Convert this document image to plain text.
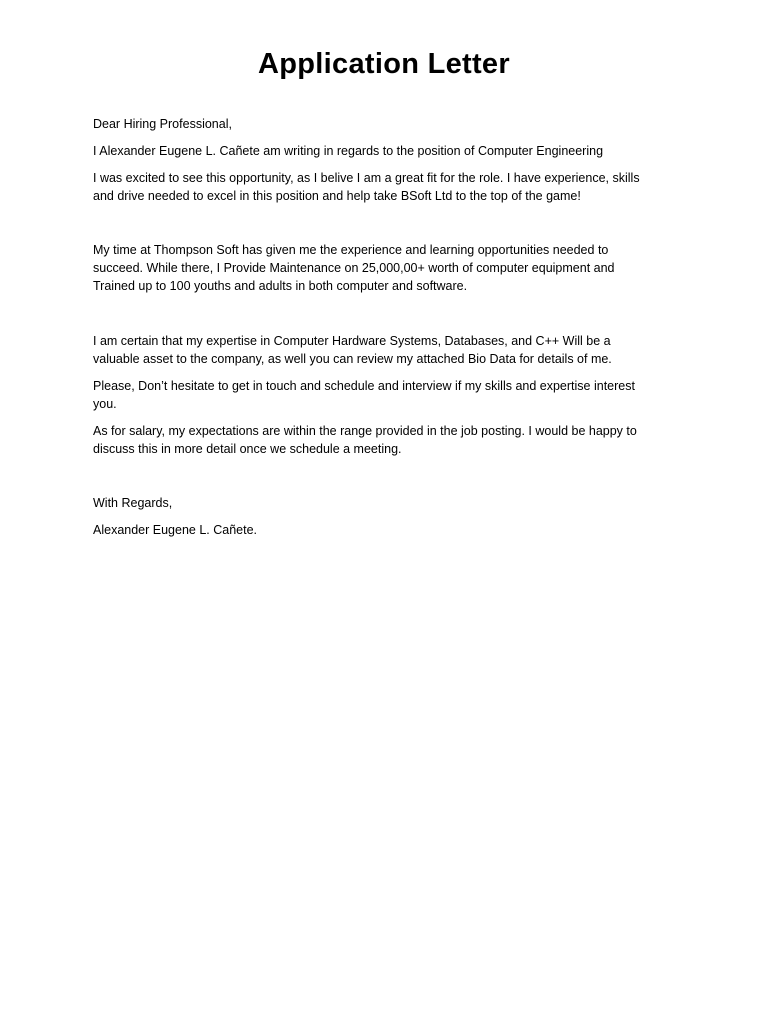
Application Letter

Dear Hiring Professional,

I Alexander Eugene L. Cañete am writing in regards to the position of Computer Engineering

I was excited to see this opportunity, as I belive I am a great fit for the role. I have experience, skills
and drive needed to excel in this position and help take BSoft Ltd to the top of the game!

My time at Thompson Soft has given me the experience and learning opportunities needed to
succeed. While there, I Provide Maintenance on 25,000,00+ worth of computer equipment and
Trained up to 100 youths and adults in both computer and software.

I am certain that my expertise in Computer Hardware Systems, Databases, and C++ Will be a
valuable asset to the company, as well you can review my attached Bio Data for details of me.

Please, Don’t hesitate to get in touch and schedule and interview if my skills and expertise interest
you.

As for salary, my expectations are within the range provided in the job posting. I would be happy to
discuss this in more detail once we schedule a meeting.

With Regards,

Alexander Eugene L. Cañete.
